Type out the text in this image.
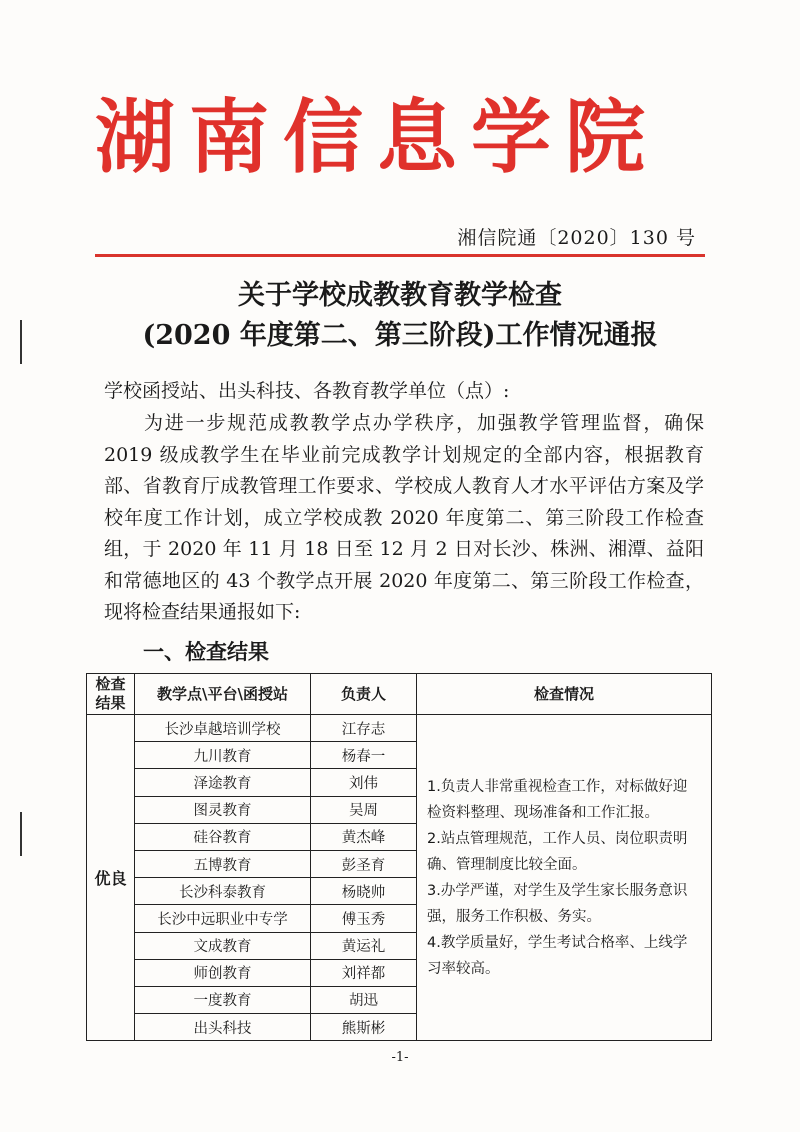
湖南信息学院
湘信院通〔2020〕130 号
关于学校成教教育教学检查
(2020 年度第二、第三阶段)工作情况通报
学校函授站、出头科技、各教育教学单位（点）:

为进一步规范成教教学点办学秩序，加强教学管理监督，确保 2019 级成教学生在毕业前完成教学计划规定的全部内容，根据教育部、省教育厅成教管理工作要求、学校成人教育人才水平评估方案及学校年度工作计划，成立学校成教 2020 年度第二、第三阶段工作检查组，于 2020 年 11 月 18 日至 12 月 2 日对长沙、株洲、湘潭、益阳和常德地区的 43 个教学点开展 2020 年度第二、第三阶段工作检查，现将检查结果通报如下:

一、检查结果
检查
结果	教学点\平台\函授站	负责人	检查情况
优良	长沙卓越培训学校	江存志	1.负责人非常重视检查工作，对标做好迎检资料整理、现场准备和工作汇报。
2.站点管理规范，工作人员、岗位职责明确、管理制度比较全面。
3.办学严谨，对学生及学生家长服务意识强，服务工作积极、务实。
4.教学质量好，学生考试合格率、上线学习率较高。

	九川教育	杨春一	
	泽途教育	刘伟	
	图灵教育	吴周	
	硅谷教育	黄杰峰	
	五博教育	彭圣育	
	长沙科泰教育	杨晓帅	
	长沙中远职业中专学	傅玉秀	
	文成教育	黄运礼	
	师创教育	刘祥都	
	一度教育	胡迅	
	出头科技	熊斯彬	
-1-
